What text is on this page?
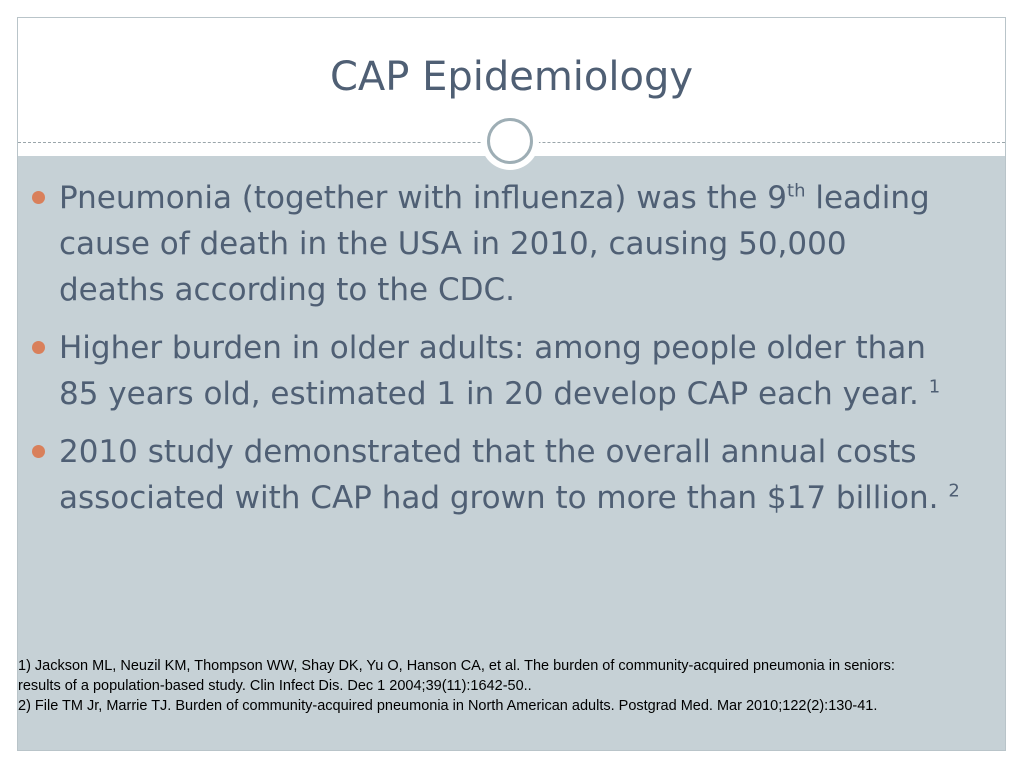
CAP Epidemiology
Pneumonia (together with influenza) was the 9th leading cause of death in the USA in 2010, causing 50,000 deaths according to the CDC.
Higher burden in older adults: among people older than 85 years old, estimated 1 in 20 develop CAP each year. $^1$
2010 study demonstrated that the overall annual costs associated with CAP had grown to more than $17 billion. $^2$
1) Jackson ML, Neuzil KM, Thompson WW, Shay DK, Yu O, Hanson CA, et al. The burden of community-acquired pneumonia in seniors: results of a population-based study. Clin Infect Dis. Dec 1 2004;39(11):1642-50..
2) File TM Jr, Marrie TJ. Burden of community-acquired pneumonia in North American adults. Postgrad Med. Mar 2010;122(2):130-41.
